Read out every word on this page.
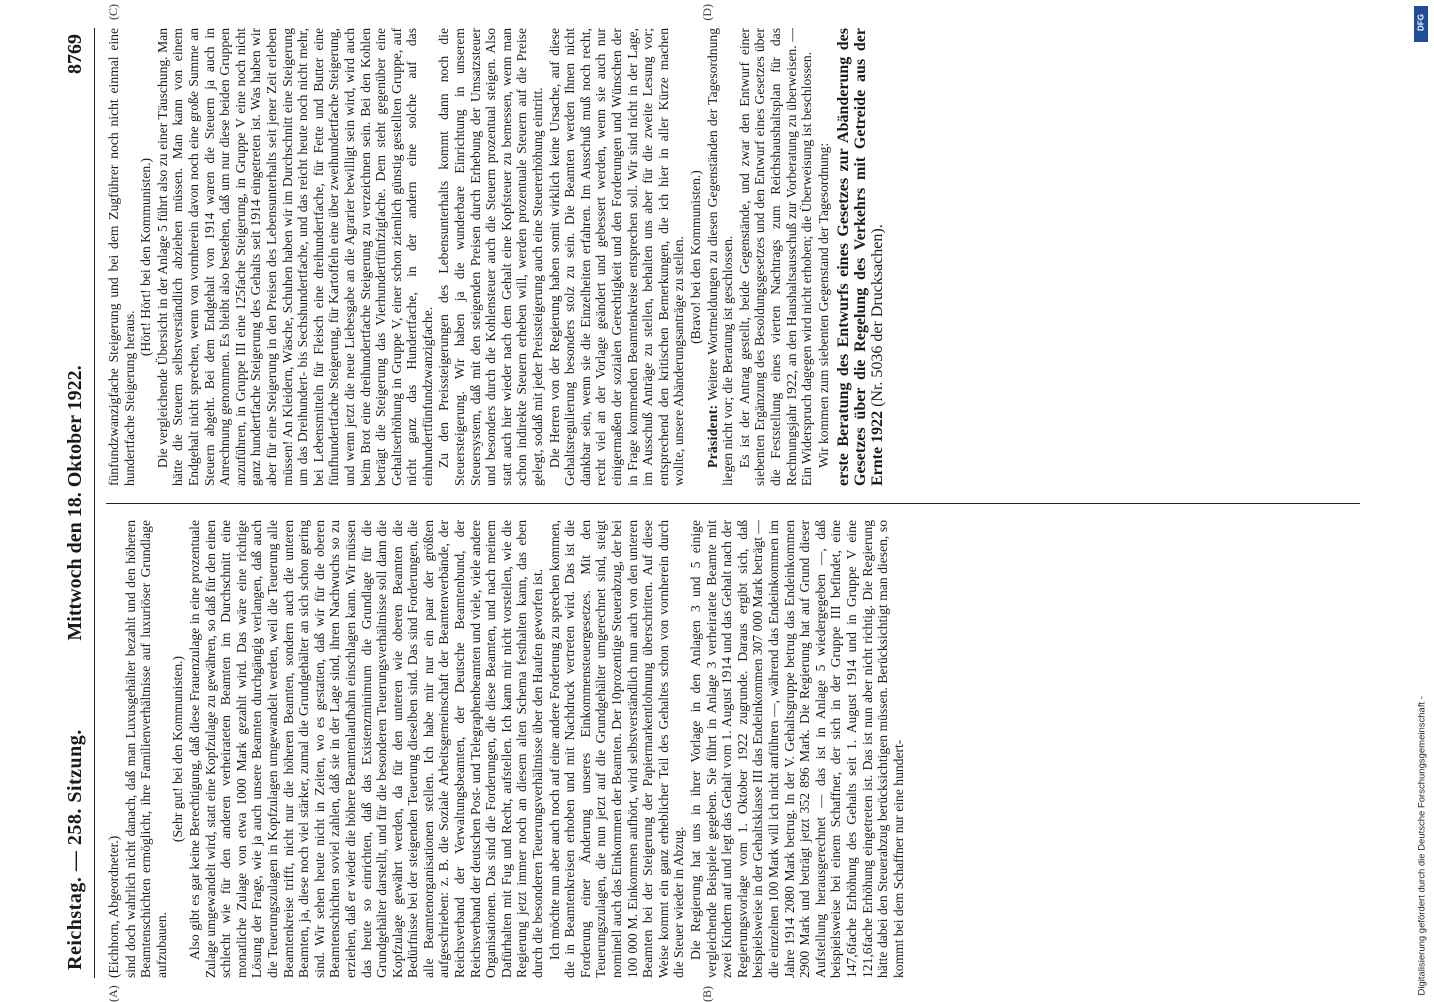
Reichstag. — 258. Sitzung.
Mittwoch den 18. Oktober 1922.
8769

(Eichhorn, Abgeordneter.) sind doch wahrlich nicht danach, daß man Luxusgehälter bezahlt und den höheren Beamtenschichten ermöglicht, ihre Familienverhältnisse auf luxuriöser Grundlage aufzubauen.

(Sehr gut! bei den Kommunisten.) Also gibt es gar keine Berechtigung, daß diese Frauenzulage in eine prozentuale Zulage umgewandelt wird, statt eine Kopfzulage zu gewähren, so daß für den einen schlecht wie für den anderen verheirateten Beamten im Durchschnitt eine monatliche Zulage von etwa 1000 Mark gezahlt wird. Das wäre eine richtige Lösung der Frage, wie ja auch unsere Beamten durchgängig verlangen, daß auch die Teuerungszulagen in Kopfzulagen umgewandelt werden, weil die Teuerung alle Beamtenkreise trifft, nicht nur die höheren Beamten, sondern auch die unteren Beamten, ja, diese noch viel stärker, zumal die Grundgehälter an sich schon gering sind. Wir sehen heute nicht in Zeiten, wo es gestatten, daß wir für die oberen Beamtenschichten soviel zahlen, daß sie in der Lage sind, ihren Nachwuchs so zu erziehen, daß er wieder die höhere Beamtenlaufbahn einschlagen kann. Wir müssen das heute so einrichten, daß das Existenzminimum die Grundlage für die Grundgehälter darstellt, und für die besonderen Teuerungsverhältnisse soll dann die Kopfzulage gewährt werden, da für den unteren wie oberen Beamten die Bedürfnisse bei der steigenden Teuerung dieselben sind. Das sind Forderungen, die alle Beamtenorganisationen stellen. Ich habe mir nur ein paar der größten aufgeschrieben: z. B. die Soziale Arbeitsgemeinschaft der Beamtenverbände, der Reichsverband der Verwaltungsbeamten, der Deutsche Beamtenbund, der Reichsverband der deutschen Post- und Telegraphenbeamten und viele, viele andere Organisationen. Das sind die Forderungen, die diese Beamten, und nach meinem Dafürhalten mit Fug und Recht, aufstellen. Ich kann mir nicht vorstellen, wie die Regierung jetzt immer noch an diesem alten Schema festhalten kann, das eben durch die besonderen Teuerungsverhältnisse über den Haufen geworfen ist. Ich möchte nun aber auch noch auf eine andere Forderung zu sprechen kommen, die in Beamtenkreisen erhoben und mit Nachdruck vertreten wird. Das ist die Forderung einer Änderung unseres Einkommensteuergesetzes. Mit den Teuerungszulagen, die nun jetzt auf die Grundgehälter umgerechnet sind, steigt nominell auch das Einkommen der Beamten. Der 10prozentige Steuerabzug, der bei 100 000 M. Einkommen aufhört, wird selbstverständlich nun auch von den unteren Beamten bei der Steigerung der Papiermarkentlohnung überschritten. Auf diese Weise kommt ein ganz erheblicher Teil des Gehaltes schon von vornherein durch die Steuer wieder in Abzug. Die Regierung hat uns in ihrer Vorlage in den Anlagen 3 und 5 einige vergleichende Beispiele gegeben. Sie führt in Anlage 3 verheiratete Beamte mit zwei Kindern auf und legt das Gehalt vom 1. August 1914 und das Gehalt nach der Regierungsvorlage vom 1. Oktober 1922 zugrunde. Daraus ergibt sich, daß beispielsweise in der Gehaltsklasse III das Endeinkommen 307 000 Mark beträgt — die einzelnen 100 Mark will ich nicht anführen —, während das Endeinkommen im Jahre 1914 2080 Mark betrug. In der V. Gehaltsgruppe betrug das Endeinkommen 2900 Mark und beträgt jetzt 352 896 Mark. Die Regierung hat auf Grund dieser Aufstellung herausgerechnet — das ist in Anlage 5 wiedergegeben —, daß beispielsweise bei einem Schaffner, der sich in der Gruppe III befindet, eine 147,6fache Erhöhung des Gehalts seit 1. August 1914 und in Gruppe V eine 121,6fache Erhöhung eingetreten ist. Das ist nun aber nicht richtig. Die Regierung hätte dabei den Steuerabzug berücksichtigen müssen. Berücksichtigt man diesen, so kommt bei dem Schaffner nur eine hundert-

fünfundzwanzigfache Steigerung und bei dem Zugführer noch nicht einmal eine hundertfache Steigerung heraus.

(Hört! Hört! bei den Kommunisten.) Die vergleichende Übersicht in der Anlage 5 führt also zu einer Täuschung. Man hätte die Steuern selbstverständlich abziehen müssen. Man kann von einem Endgehalt nicht sprechen, wenn von vornherein davon noch eine große Summe an Steuern abgeht. Bei dem Endgehalt von 1914 waren die Steuern ja auch in Anrechnung genommen. Es bleibt also bestehen, daß um nur diese beiden Gruppen anzuführen, in Gruppe III eine 125fache Steigerung, in Gruppe V eine noch nicht ganz hundertfache Steigerung des Gehalts seit 1914 eingetreten ist. Was haben wir aber für eine Steigerung in den Preisen des Lebensunterhalts seit jener Zeit erleben müssen! An Kleidern, Wäsche, Schuhen haben wir im Durchschnitt eine Steigerung um das Dreihundert- bis Sechshundertfache, und das reicht heute noch nicht mehr, bei Lebensmitteln für Fleisch eine dreihundertfache, für Fette und Butter eine fünfhundertfache Steigerung, für Kartoffeln eine über zweihundertfache Steigerung, und wenn jetzt die neue Liebesgabe an die Agrarier bewilligt sein wird, wird auch beim Brot eine dreihundertfache Steigerung zu verzeichnen sein. Bei den Kohlen beträgt die Steigerung das Vierhundertfünfzigfache. Dem steht gegenüber eine Gehaltserhöhung in Gruppe V, einer schon ziemlich günstig gestellten Gruppe, auf nicht ganz das Hundertfache, in der andern eine solche auf das einhundertfünfundzwanzigfache. Zu den Preissteigerungen des Lebensunterhalts kommt dann noch die Steuersteigerung. Wir haben ja die wunderbare Einrichtung in unserem Steuersystem, daß mit den steigenden Preisen durch Erhebung der Umsatzsteuer und besonders durch die Kohlensteuer auch die Steuern prozentual steigen. Also statt auch hier wieder nach dem Gehalt eine Kopfsteuer zu bemessen, wenn man schon indirekte Steuern erheben will, werden prozentuale Steuern auf die Preise gelegt, sodaß mit jeder Preissteigerung auch eine Steuererhöhung eintritt. Die Herren von der Regierung haben somit wirklich keine Ursache, auf diese Gehaltsregulierung besonders stolz zu sein. Die Beamten werden Ihnen nicht dankbar sein, wenn sie die Einzelheiten erfahren. Im Ausschuß muß noch recht, recht viel an der Vorlage geändert und gebessert werden, wenn sie auch nur einigermaßen der sozialen Gerechtigkeit und den Forderungen und Wünschen der in Frage kommenden Beamtenkreise entsprechen soll. Wir sind nicht in der Lage, im Ausschuß Anträge zu stellen, behalten uns aber für die zweite Lesung vor; entsprechend den kritischen Bemerkungen, die ich hier in aller Kürze machen wollte, unsere Abänderungsanträge zu stellen. (Bravo! bei den Kommunisten.)

Präsident: Weitere Wortmeldungen zu diesen Gegenständen der Tagesordnung liegen nicht vor; die Beratung ist geschlossen. Es ist der Antrag gestellt, beide Gegenstände, und zwar den Entwurf einer siebenten Ergänzung des Besoldungsgesetzes und den Entwurf eines Gesetzes über die Feststellung eines vierten Nachtrags zum Reichshaushaltsplan für das Rechnungsjahr 1922, an den Haushaltsausschuß zur Vorberatung zu überweisen. — Ein Widerspruch dagegen wird nicht erhoben; die Überweisung ist beschlossen. Wir kommen zum siebenten Gegenstand der Tagesordnung: erste Beratung des Entwurfs eines Gesetzes zur Abänderung des Gesetzes über die Regelung des Verkehrs mit Getreide aus der Ernte 1922 (Nr. 5036 der Drucksachen).

(A)	(B)
(C)	(D)
DFG
Digitalisierung gefördert durch die Deutsche Forschungsgemeinschaft -
